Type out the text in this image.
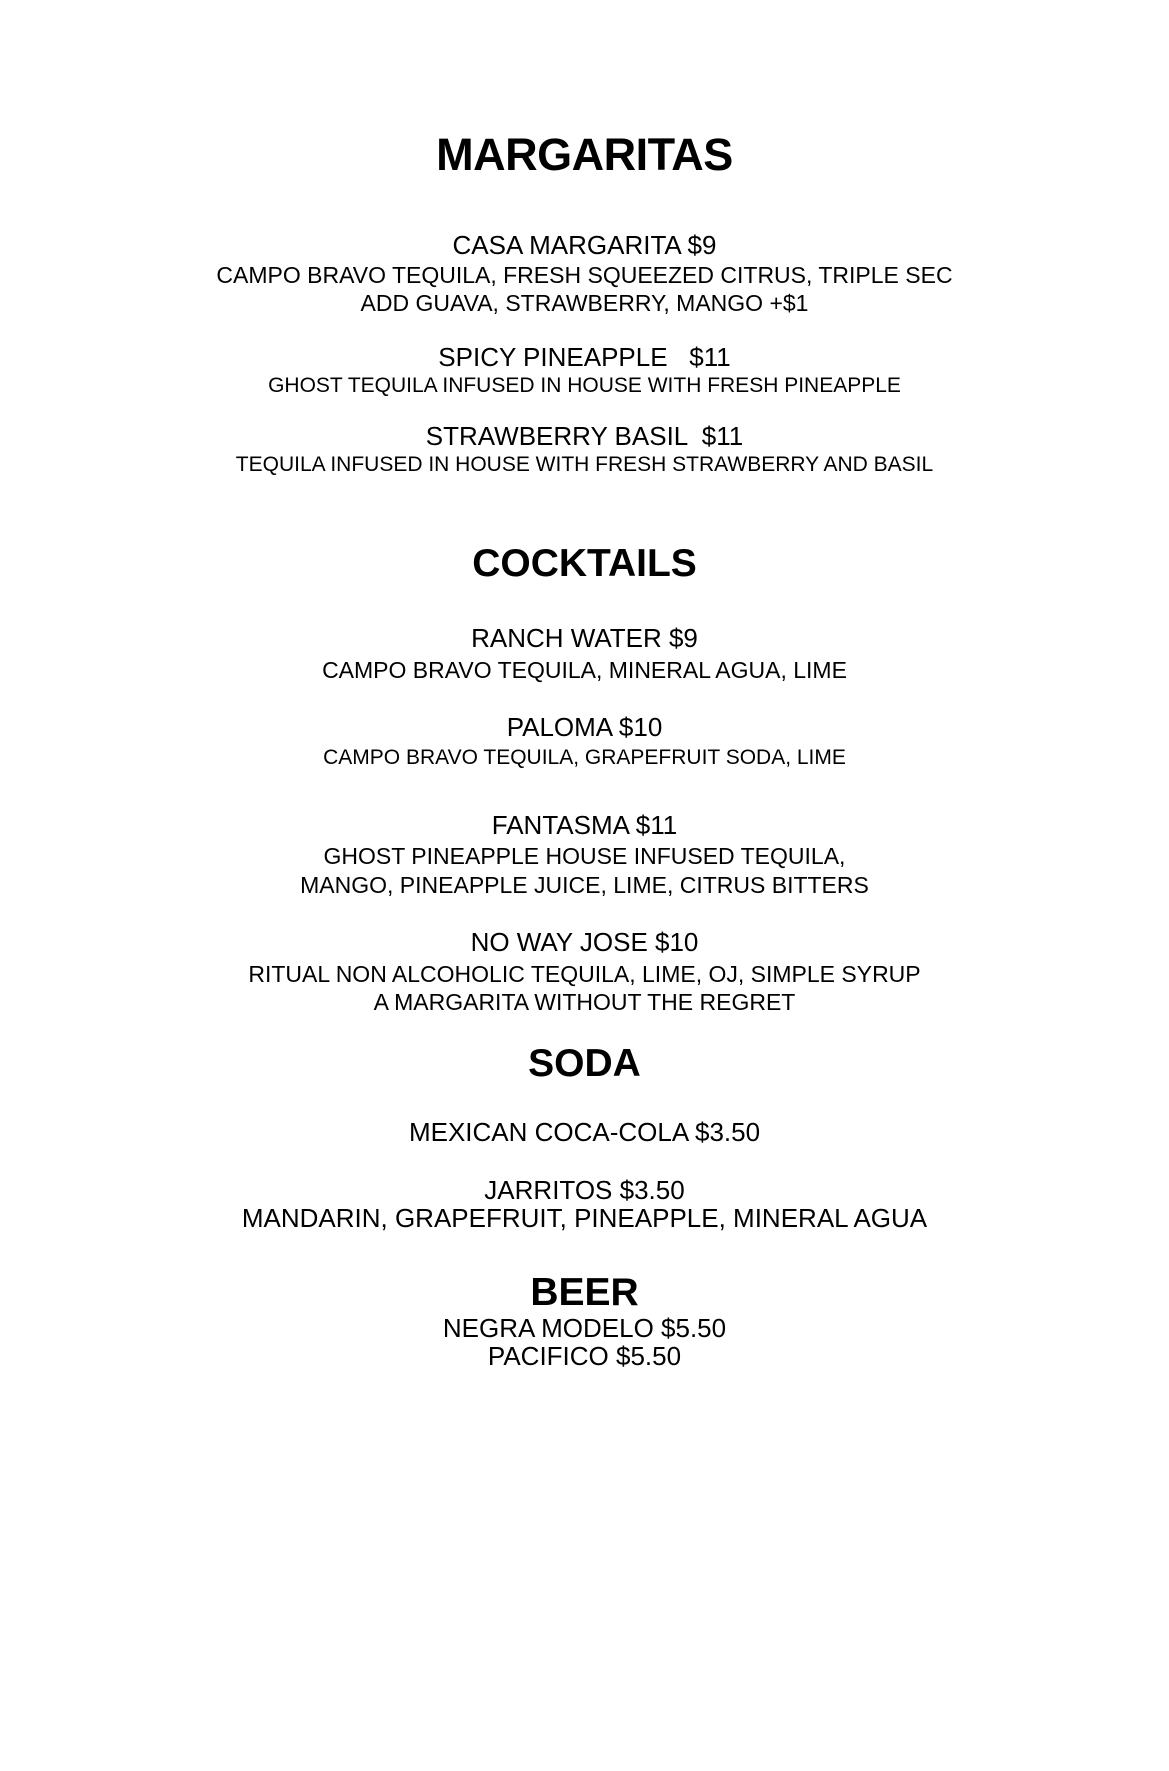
MARGARITAS
CASA MARGARITA $9
CAMPO BRAVO TEQUILA, FRESH SQUEEZED CITRUS, TRIPLE SEC
ADD GUAVA, STRAWBERRY, MANGO +$1
SPICY PINEAPPLE   $11
GHOST TEQUILA INFUSED IN HOUSE WITH FRESH PINEAPPLE
STRAWBERRY BASIL  $11
TEQUILA INFUSED IN HOUSE WITH FRESH STRAWBERRY AND BASIL
COCKTAILS
RANCH WATER $9
CAMPO BRAVO TEQUILA, MINERAL AGUA, LIME
PALOMA $10
CAMPO BRAVO TEQUILA, GRAPEFRUIT SODA, LIME
FANTASMA $11
GHOST PINEAPPLE HOUSE INFUSED TEQUILA,
MANGO, PINEAPPLE JUICE, LIME, CITRUS BITTERS
NO WAY JOSE $10
RITUAL NON ALCOHOLIC TEQUILA, LIME, OJ, SIMPLE SYRUP
A MARGARITA WITHOUT THE REGRET
SODA
MEXICAN COCA-COLA $3.50
JARRITOS $3.50
MANDARIN, GRAPEFRUIT, PINEAPPLE, MINERAL AGUA
BEER
NEGRA MODELO $5.50
PACIFICO $5.50
